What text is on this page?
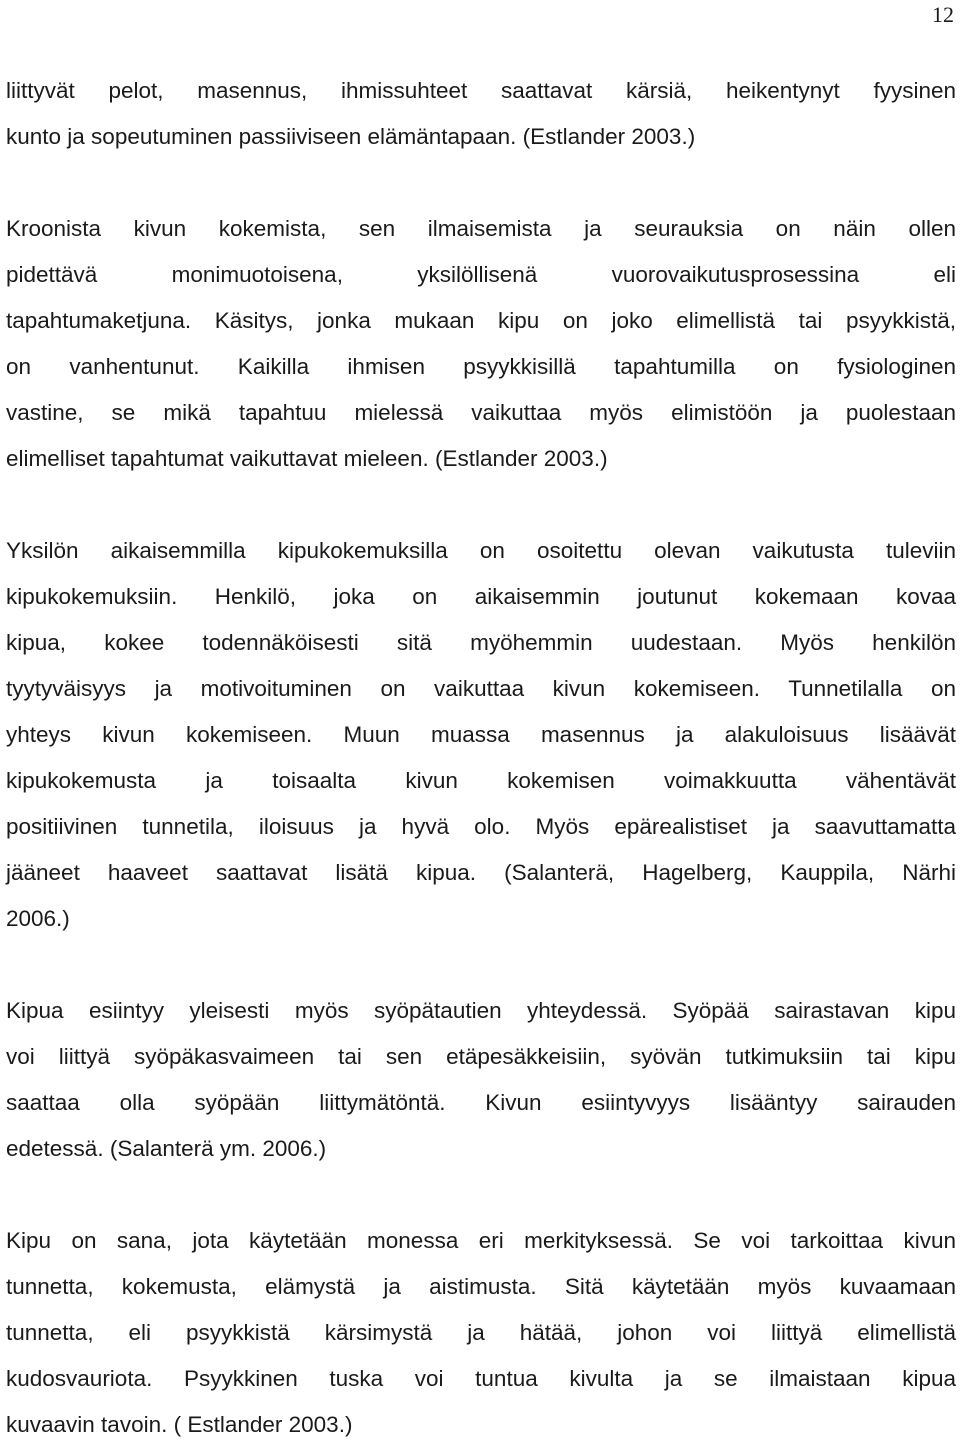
12
liittyvät pelot, masennus, ihmissuhteet saattavat kärsiä, heikentynyt fyysinen
kunto ja sopeutuminen passiiviseen elämäntapaan. (Estlander 2003.)
Kroonista kivun kokemista, sen ilmaisemista ja seurauksia on näin ollen
pidettävä monimuotoisena, yksilöllisenä vuorovaikutusprosessina eli
tapahtumaketjuna. Käsitys, jonka mukaan kipu on joko elimellistä tai psyykkistä,
on vanhentunut. Kaikilla ihmisen psyykkisillä tapahtumilla on fysiologinen
vastine, se mikä tapahtuu mielessä vaikuttaa myös elimistöön ja puolestaan
elimelliset tapahtumat vaikuttavat mieleen. (Estlander 2003.)
Yksilön aikaisemmilla kipukokemuksilla on osoitettu olevan vaikutusta tuleviin
kipukokemuksiin. Henkilö, joka on aikaisemmin joutunut kokemaan kovaa
kipua, kokee todennäköisesti sitä myöhemmin uudestaan. Myös henkilön
tyytyväisyys ja motivoituminen on vaikuttaa kivun kokemiseen. Tunnetilalla on
yhteys kivun kokemiseen. Muun muassa masennus ja alakuloisuus lisäävät
kipukokemusta ja toisaalta kivun kokemisen voimakkuutta vähentävät
positiivinen tunnetila, iloisuus ja hyvä olo. Myös epärealistiset ja saavuttamatta
jääneet haaveet saattavat lisätä kipua. (Salanterä, Hagelberg, Kauppila, Närhi
2006.)
Kipua esiintyy yleisesti myös syöpätautien yhteydessä. Syöpää sairastavan kipu
voi liittyä syöpäkasvaimeen tai sen etäpesäkkeisiin, syövän tutkimuksiin tai kipu
saattaa olla syöpään liittymätöntä. Kivun esiintyvyys lisääntyy sairauden
edetessä. (Salanterä ym. 2006.)
Kipu on sana, jota käytetään monessa eri merkityksessä. Se voi tarkoittaa kivun
tunnetta, kokemusta, elämystä ja aistimusta. Sitä käytetään myös kuvaamaan
tunnetta, eli psyykkistä kärsimystä ja hätää, johon voi liittyä elimellistä
kudosvauriota. Psyykkinen tuska voi tuntua kivulta ja se ilmaistaan kipua
kuvaavin tavoin. ( Estlander 2003.)
